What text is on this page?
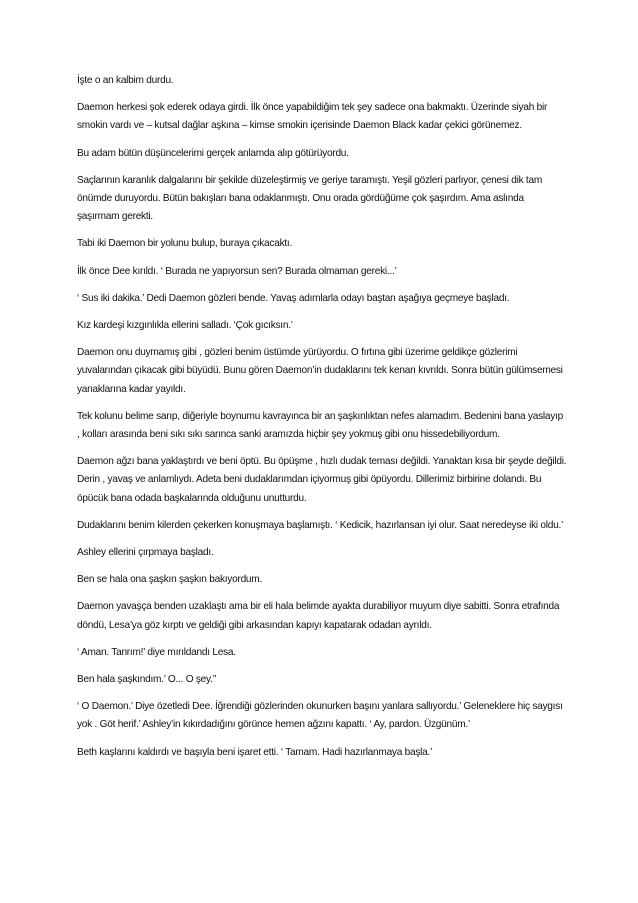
İşte o an kalbim durdu.

Daemon herkesi şok ederek odaya girdi. İlk önce yapabildiğim tek şey sadece ona bakmaktı. Üzerinde siyah bir smokin vardı ve – kutsal dağlar aşkına – kimse smokin içerisinde Daemon Black kadar çekici görünemez.

Bu adam bütün düşüncelerimi gerçek anlamda alıp götürüyordu.

Saçlarının karanlık dalgalarını bir şekilde düzeleştirmiş ve geriye taramıştı. Yeşil gözleri parlıyor, çenesi dik tam önümde duruyordu. Bütün bakışları bana odaklanmıştı. Onu orada gördüğüme çok şaşırdım. Ama aslında şaşırmam gerekti.

Tabi iki Daemon bir yolunu bulup, buraya çıkacaktı.

İlk önce Dee kırıldı. ‘ Burada ne yapıyorsun sen? Burada olmaman gereki...’

‘ Sus iki dakika.’ Dedi Daemon gözleri bende. Yavaş adımlarla odayı baştan aşağıya geçmeye başladı.

Kız kardeşi kızgınlıkla ellerini salladı. ‘Çok gıcıksın.’

Daemon onu duymamış gibi , gözleri benim üstümde yürüyordu. O fırtına gibi üzerime geldikçe gözlerimi yuvalarından çıkacak gibi büyüdü. Bunu gören Daemon’in dudaklarını tek kenarı kıvrıldı. Sonra bütün gülümsemesi yanaklarına kadar yayıldı.

Tek kolunu belime sarıp, diğeriyle boynumu kavrayınca bir an şaşkınlıktan nefes alamadım. Bedenini bana yaslayıp , kolları arasında beni sıkı sıkı sarınca sanki aramızda hiçbir şey yokmuş gibi onu hissedebiliyordum.

Daemon ağzı bana yaklaştırdı ve beni öptü. Bu öpüşme , hızlı dudak teması değildi. Yanaktan kısa bir şeyde değildi. Derin , yavaş ve anlamlıydı. Adeta beni dudaklarımdan içiyormuş gibi öpüyordu. Dillerimiz birbirine dolandı. Bu öpücük bana odada başkalarında olduğunu unutturdu.

Dudaklarını benim kilerden çekerken konuşmaya başlamıştı. ‘ Kedicik, hazırlansan iyi olur. Saat neredeyse iki oldu.’

Ashley ellerini çırpmaya başladı.

Ben se hala ona şaşkın şaşkın bakıyordum.

Daemon yavaşça benden uzaklaştı ama bir eli hala belimde ayakta durabiliyor muyum diye sabitti. Sonra etrafında döndü, Lesa’ya göz kırptı ve geldiği gibi arkasından kapıyı kapatarak odadan ayrıldı.

‘ Aman. Tanrım!’ diye mırıldandı Lesa.

Ben hala şaşkındım.’ O... O şey.’’

‘ O Daemon.’ Diye özetledi Dee. İğrendiği gözlerinden okunurken başını yanlara sallıyordu.’ Geleneklere hiç saygısı yok . Göt herif.’ Ashley’in kıkırdadığını görünce hemen ağzını kapattı. ‘ Ay, pardon. Üzgünüm.’

Beth kaşlarını kaldırdı ve başıyla beni işaret etti. ‘ Tamam. Hadi hazırlanmaya başla.’
